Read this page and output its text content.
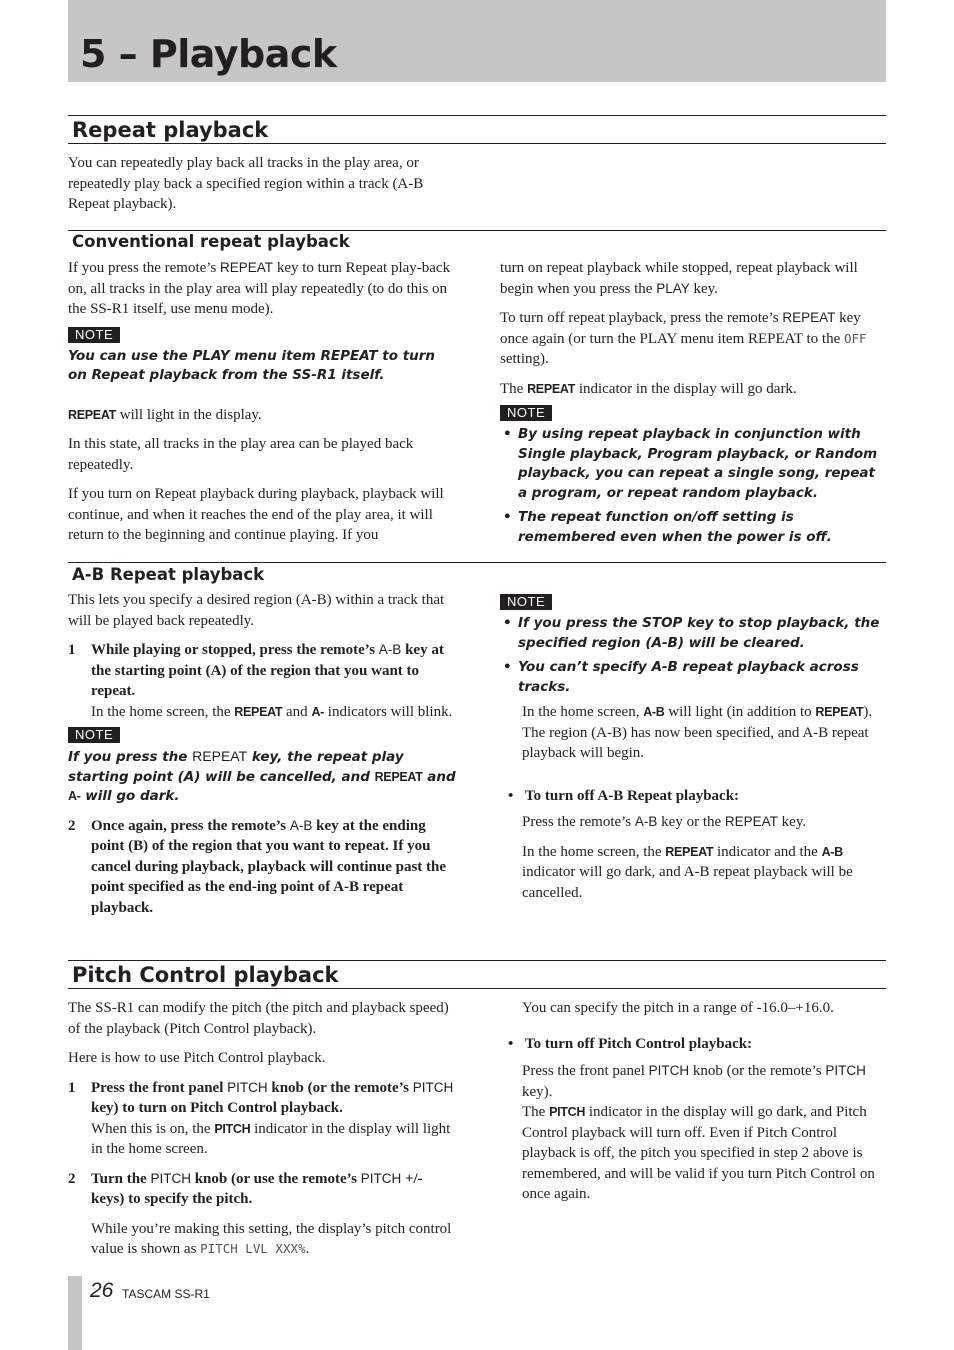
5 – Playback
Repeat playback

You can repeatedly play back all tracks in the play area, or repeatedly play back a specified region within a track (A-B Repeat playback).

Conventional repeat playback

If you press the remote’s REPEAT key to turn Repeat play-back on, all tracks in the play area will play repeatedly (to do this on the SS-R1 itself, use menu mode).

NOTE
You can use the PLAY menu item REPEAT to turn on Repeat playback from the SS-R1 itself.

REPEAT will light in the display.

In this state, all tracks in the play area can be played back repeatedly.

If you turn on Repeat playback during playback, playback will continue, and when it reaches the end of the play area, it will return to the beginning and continue playing. If you

turn on repeat playback while stopped, repeat playback will begin when you press the PLAY key.

To turn off repeat playback, press the remote’s REPEAT key once again (or turn the PLAY menu item REPEAT to the OFF setting).

The REPEAT indicator in the display will go dark.

NOTE
• By using repeat playback in conjunction with Single playback, Program playback, or Random playback, you can repeat a single song, repeat a program, or repeat random playback.
• The repeat function on/off setting is remembered even when the power is off.
A-B Repeat playback

This lets you specify a desired region (A-B) within a track that will be played back repeatedly.

1 While playing or stopped, press the remote’s A-B key at the starting point (A) of the region that you want to repeat.

In the home screen, the REPEAT and A- indicators will blink.

NOTE
If you press the REPEAT key, the repeat play starting point (A) will be cancelled, and REPEAT and A- will go dark.

2 Once again, press the remote’s A-B key at the ending point (B) of the region that you want to repeat. If you cancel during playback, playback will continue past the point specified as the end-ing point of A-B repeat playback.

NOTE
• If you press the STOP key to stop playback, the specified region (A-B) will be cleared.
• You can’t specify A-B repeat playback across tracks.

In the home screen, A-B will light (in addition to REPEAT). The region (A-B) has now been specified, and A-B repeat playback will begin.

• To turn off A-B Repeat playback:

Press the remote’s A-B key or the REPEAT key.

In the home screen, the REPEAT indicator and the A-B indicator will go dark, and A-B repeat playback will be cancelled.

Pitch Control playback

The SS-R1 can modify the pitch (the pitch and playback speed) of the playback (Pitch Control playback).

Here is how to use Pitch Control playback.

1 Press the front panel PITCH knob (or the remote’s PITCH key) to turn on Pitch Control playback.

When this is on, the PITCH indicator in the display will light in the home screen.

2 Turn the PITCH knob (or use the remote’s PITCH +/- keys) to specify the pitch.

While you’re making this setting, the display’s pitch control value is shown as PITCH LVL XXX%.

You can specify the pitch in a range of -16.0–+16.0.

• To turn off Pitch Control playback:

Press the front panel PITCH knob (or the remote’s PITCH key).

The PITCH indicator in the display will go dark, and Pitch Control playback will turn off. Even if Pitch Control playback is off, the pitch you specified in step 2 above is remembered, and will be valid if you turn Pitch Control on once again.

26 TASCAM SS-R1
